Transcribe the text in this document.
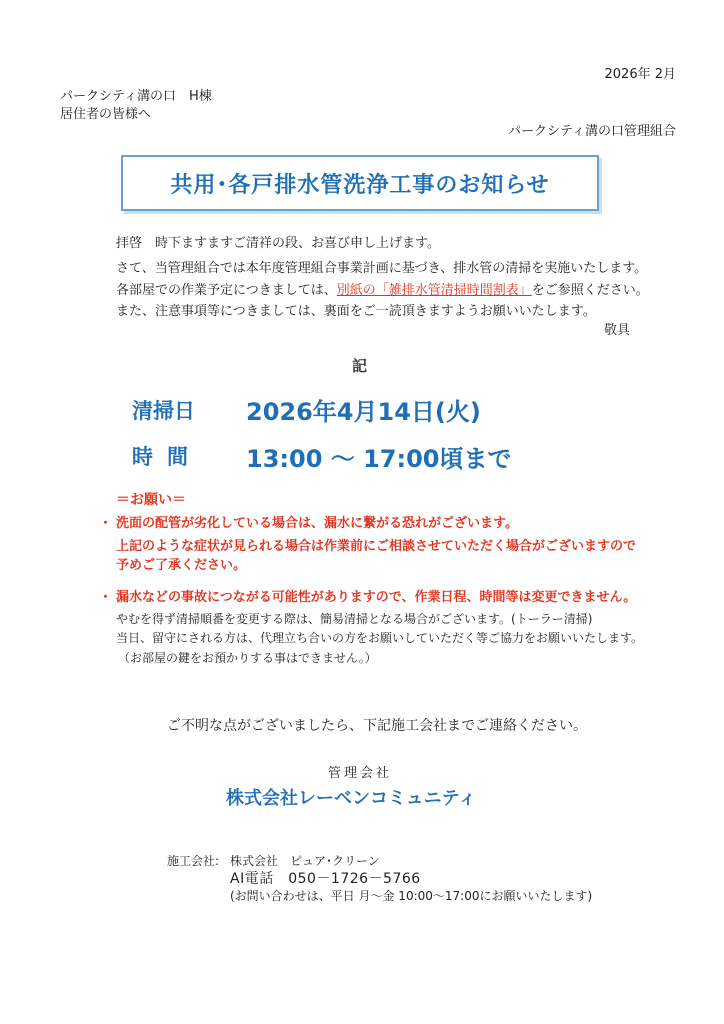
2026年 2月
パークシティ溝の口　H棟
居住者の皆様へ
パークシティ溝の口管理組合
共用･各戸排水管洗浄工事のお知らせ
拝啓　時下ますますご清祥の段、お喜び申し上げます。
さて、当管理組合では本年度管理組合事業計画に基づき、排水管の清掃を実施いたします。
各部屋での作業予定につきましては、別紙の「雑排水管清掃時間割表」をご参照ください。
また、注意事項等につきましては、裏面をご一読頂きますようお願いいたします。
敬具
記
清掃日 2026年4月14日(火)
時間 13:00 ～ 17:00頃まで
＝お願い＝
・ 洗面の配管が劣化している場合は、漏水に繋がる恐れがございます。
上記のような症状が見られる場合は作業前にご相談させていただく場合がございますので
予めご了承ください。
・ 漏水などの事故につながる可能性がありますので、作業日程、時間等は変更できません。
やむを得ず清掃順番を変更する際は、簡易清掃となる場合がございます。(トーラー清掃)
当日、留守にされる方は、代理立ち合いの方をお願いしていただく等ご協力をお願いいたします。
（お部屋の鍵をお預かりする事はできません。）
ご不明な点がございましたら、下記施工会社までご連絡ください。
管理会社
株式会社レーベンコミュニティ
施工会社: 株式会社　ピュア･クリーン
AI電話　050－1726－5766
(お問い合わせは、平日 月～金 10:00～17:00にお願いいたします)
